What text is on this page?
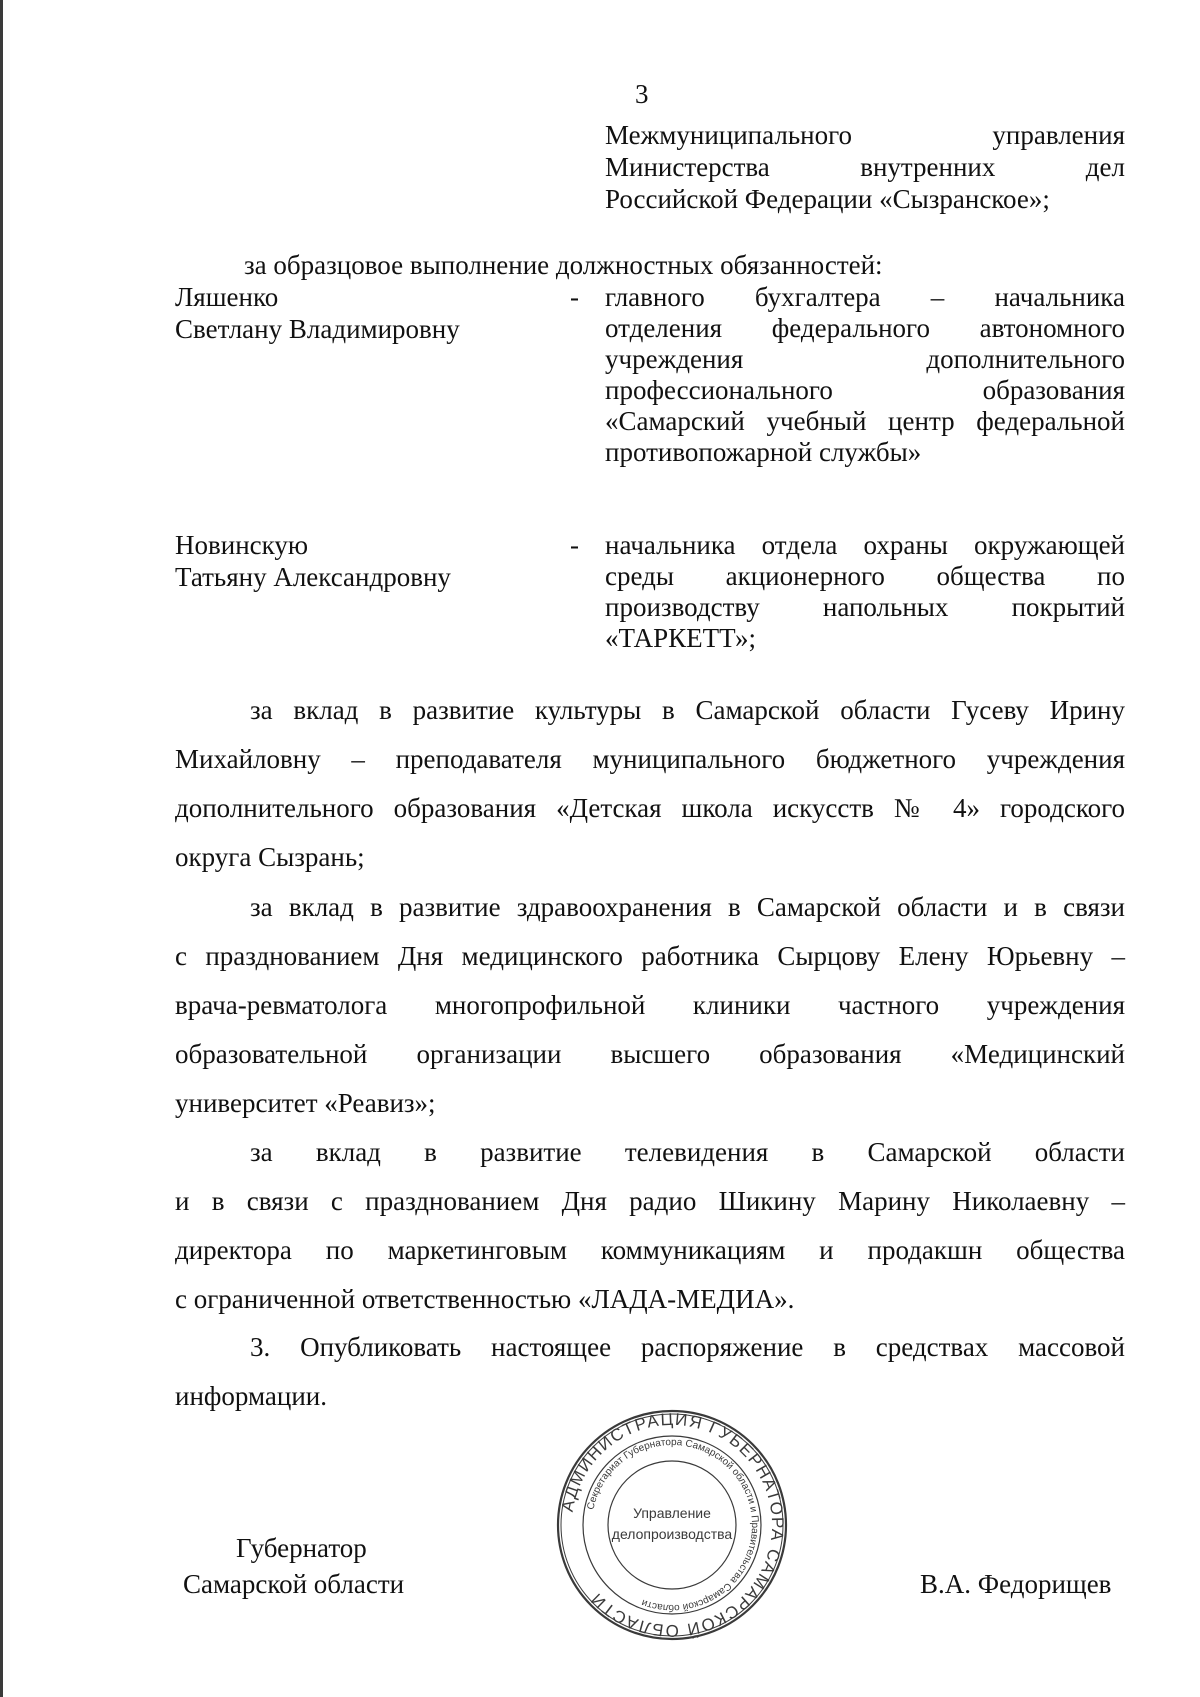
3
Межмуниципального управления
Министерства внутренних дел
Российской Федерации «Сызранское»;
за образцовое выполнение должностных обязанностей:
Ляшенко
Светлану Владимировну
- главного бухгалтера – начальника
отделения федерального автономного
учреждения дополнительного
профессионального образования
«Самарский учебный центр федеральной
противопожарной службы»
Новинскую
Татьяну Александровну
- начальника отдела охраны окружающей
среды акционерного общества по
производству напольных покрытий
«ТАРКЕТТ»;
за вклад в развитие культуры в Самарской области Гусеву Ирину
Михайловну – преподавателя муниципального бюджетного учреждения
дополнительного образования «Детская школа искусств № 4» городского
округа Сызрань;
за вклад в развитие здравоохранения в Самарской области и в связи
с празднованием Дня медицинского работника Сырцову Елену Юрьевну –
врача-ревматолога многопрофильной клиники частного учреждения
образовательной организации высшего образования «Медицинский
университет «Реавиз»;
за вклад в развитие телевидения в Самарской области
и в связи с празднованием Дня радио Шикину Марину Николаевну –
директора по маркетинговым коммуникациям и продакшн общества
с ограниченной ответственностью «ЛАДА-МЕДИА».
3. Опубликовать настоящее распоряжение в средствах массовой
информации.
Губернатор
Самарской области	В.А. Федорищев
АДМИНИСТРАЦИЯ ГУБЕРНАТОРА САМАРСКОЙ ОБЛАСТИ
Секретариат Губернатора Самарской области и Правительства Самарской области
Управление
делопроизводства
